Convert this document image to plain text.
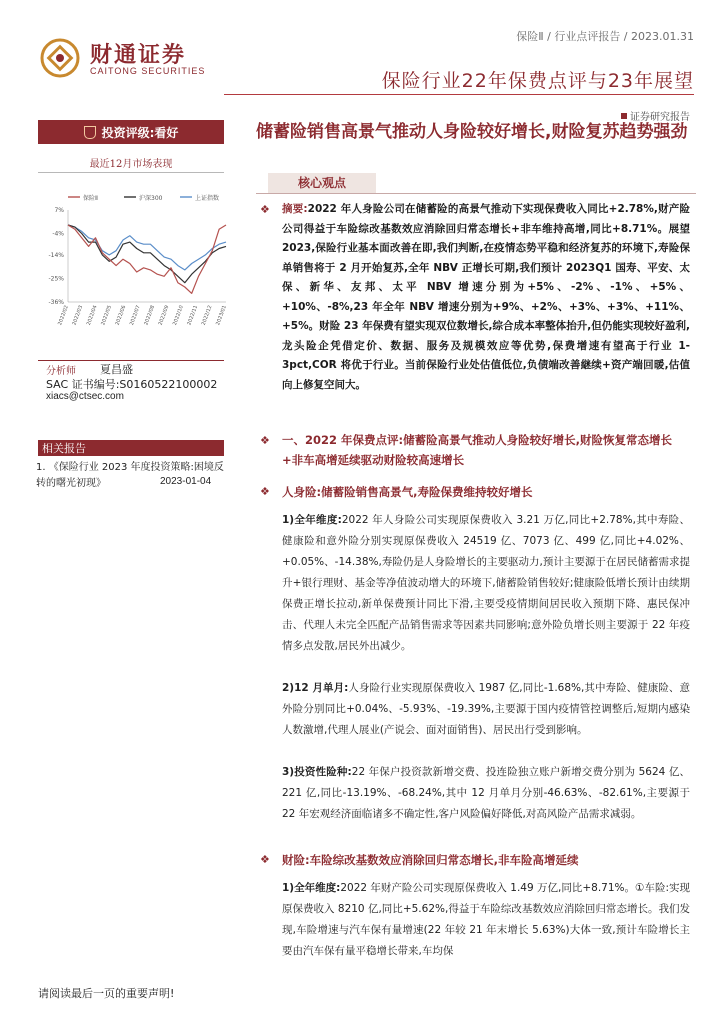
财通证券
CAITONG SECURITIES
保险Ⅱ / 行业点评报告 / 2023.01.31
保险行业22年保费点评与23年展望
证券研究报告
投资评级:看好
最近12月市场表现
保险Ⅱ	沪深300	上证指数
7%
-4%
-14%
-25%
-36%
2022/02 2022/03 2022/04 2022/05 2022/06 2022/07 2022/08 2022/09 2022/10 2022/11 2022/12 2023/01
分析师 夏昌盛
SAC 证书编号:S0160522100002
xiacs@ctsec.com
相关报告
1. 《保险行业 2023 年度投资策略:困境反转的曙光初现》	2023-01-04
储蓄险销售高景气推动人身险较好增长,财险复苏趋势强劲
核心观点
❖ 摘要:2022 年人身险公司在储蓄险的高景气推动下实现保费收入同比+2.78%,财产险公司得益于车险综改基数效应消除回归常态增长+非车维持高增,同比+8.71%。展望 2023,保险行业基本面改善在即,我们判断,在疫情态势平稳和经济复苏的环境下,寿险保单销售将于 2 月开始复苏,全年 NBV 正增长可期,我们预计 2023Q1 国寿、平安、太保、新华、友邦、太平 NBV 增速分别为+5%、-2%、-1%、+5%、+10%、-8%,23 年全年 NBV 增速分别为+9%、+2%、+3%、+3%、+11%、+5%。财险 23 年保费有望实现双位数增长,综合成本率整体抬升,但仍能实现较好盈利,龙头险企凭借定价、数据、服务及规模效应等优势,保费增速有望高于行业 1-3pct,COR 将优于行业。当前保险行业处估值低位,负债端改善継续+资产端回暖,估值向上修复空间大。
❖ 一、2022 年保费点评:储蓄险高景气推动人身险较好增长,财险恢复常态增长+非车高增延续驱动财险较高速增长
❖ 人身险:储蓄险销售高景气,寿险保费维持较好增长
1)全年维度:2022 年人身险公司实现原保费收入 3.21 万亿,同比+2.78%,其中寿险、健康险和意外险分别实现原保费收入 24519 亿、7073 亿、499 亿,同比+4.02%、+0.05%、-14.38%,寿险仍是人身险增长的主要驱动力,预计主要源于在居民储蓄需求提升+银行理财、基金等净值波动增大的环境下,储蓄险销售较好;健康险低增长预计由续期保费正增长拉动,新单保费预计同比下滑,主要受疫情期间居民收入预期下降、惠民保冲击、代理人未完全匹配产品销售需求等因素共同影响;意外险负增长则主要源于 22 年疫情多点发散,居民外出减少。
2)12 月单月:人身险行业实现原保费收入 1987 亿,同比-1.68%,其中寿险、健康险、意外险分别同比+0.04%、-5.93%、-19.39%,主要源于国内疫情管控调整后,短期内感染人数激增,代理人展业(产说会、面对面销售)、居民出行受到影响。
3)投资性险种:22 年保户投资款新增交费、投连险独立账户新增交费分别为 5624 亿、221 亿,同比-13.19%、-68.24%,其中 12 月单月分别-46.63%、-82.61%,主要源于 22 年宏观经济面临诸多不确定性,客户风险偏好降低,对高风险产品需求减弱。
❖ 财险:车险综改基数效应消除回归常态增长,非车险高增延续
1)全年维度:2022 年财产险公司实现原保费收入 1.49 万亿,同比+8.71%。①车险:实现原保费收入 8210 亿,同比+5.62%,得益于车险综改基数效应消除回归常态增长。我们发现,车险增速与汽车保有量增速(22 年较 21 年末增长 5.63%)大体一致,预计车险增长主要由汽车保有量平稳增长带来,车均保
请阅读最后一页的重要声明!
